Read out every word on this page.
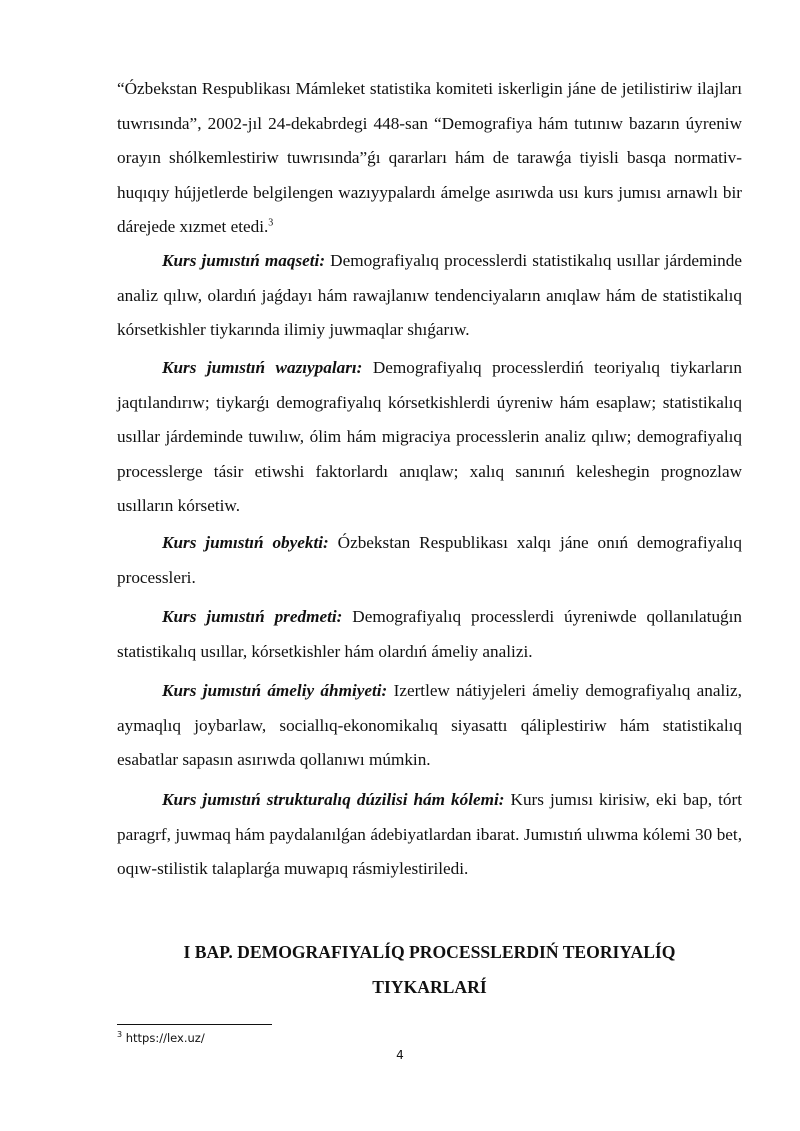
“Ózbekstan Respublikası Mámleket statistika komiteti iskerligin jáne de jetilistiriw ilajları tuwrısında”, 2002-jıl 24-dekabrdegi 448-san “Demografiya hám tutınıw bazarın úyreniw orayın shólkemlestiriw tuwrısında”ǵı qararları hám de tarawǵa tiyisli basqa normativ-huqıqıy hújjetlerde belgilengen wazıyypalardı ámelge asırıwda usı kurs jumısı arnawlı bir dárejede xızmet etedi.$^3$

Kurs jumıstıń maqseti: Demografiyalıq processlerdi statistikalıq usıllar járdeminde analiz qılıw, olardıń jaǵdayı hám rawajlanıw tendenciyaların anıqlaw hám de statistikalıq kórsetkishler tiykarında ilimiy juwmaqlar shıǵarıw.

Kurs jumıstıń wazıypaları: Demografiyalıq processlerdiń teoriyalıq tiykarların jaqtılandırıw; tiykarǵı demografiyalıq kórsetkishlerdi úyreniw hám esaplaw; statistikalıq usıllar járdeminde tuwılıw, ólim hám migraciya processlerin analiz qılıw; demografiyalıq processlerge tásir etiwshi faktorlardı anıqlaw; xalıq sanınıń keleshegin prognozlaw usılların kórsetiw.

Kurs jumıstıń obyekti: Ózbekstan Respublikası xalqı jáne onıń demografiyalıq processleri.

Kurs jumıstıń predmeti: Demografiyalıq processlerdi úyreniwde qollanılatuǵın statistikalıq usıllar, kórsetkishler hám olardıń ámeliy analizi.

Kurs jumıstıń ámeliy áhmiyeti: Izertlew nátiyjeleri ámeliy demografiyalıq analiz, aymaqlıq joybarlaw, sociallıq-ekonomikalıq siyasattı qáliplestiriw hám statistikalıq esabatlar sapasın asırıwda qollanıwı múmkin.

Kurs jumıstıń strukturalıq dúzilisi hám kólemi: Kurs jumısı kirisiw, eki bap, tórt paragrf, juwmaq hám paydalanılǵan ádebiyatlardan ibarat. Jumıstıń ulıwma kólemi 30 bet, oqıw-stilistik talaplarǵa muwapıq rásmiylestiriledi.

I BAP. DEMOGRAFIYALÍQ PROCESSLERDIŃ TEORIYALÍQ
TIYKARLARÍ
$^3$ https://lex.uz/
4
